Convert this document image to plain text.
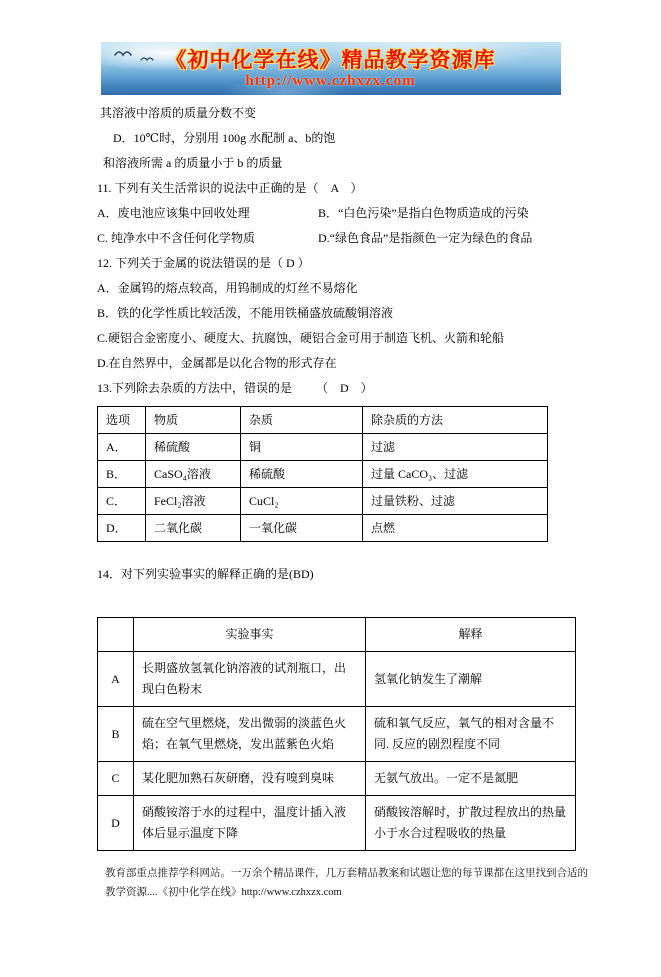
《初中化学在线》精品教学资源库
http://www.czhxzx.com

其溶液中溶质的质量分数不变

D．10℃时，分别用 100g 水配制 a、b的饱

和溶液所需 a 的质量小于 b 的质量

11. 下列有关生活常识的说法中正确的是（　A　）

A．废电池应该集中回收处理	B．“白色污染”是指白色物质造成的污染
C. 纯净水中不含任何化学物质	D.“绿色食品”是指颜色一定为绿色的食品

12. 下列关于金属的说法错误的是（ D ）

A．金属钨的熔点较高，用钨制成的灯丝不易熔化

B．铁的化学性质比较活泼，不能用铁桶盛放硫酸铜溶液

C.硬铝合金密度小、硬度大、抗腐蚀，硬铝合金可用于制造飞机、火箭和轮船

D.在自然界中，金属都是以化合物的形式存在

13.下列除去杂质的方法中，错误的是 （　D　）

选项	物质	杂质	除杂质的方法
A．	稀硫酸	铜	过滤
B．	CaSO₄溶液	稀硫酸	过量 CaCO₃、过滤
C．	FeCl₂溶液	CuCl₂	过量铁粉、过滤
D．	二氧化碳	一氧化碳	点燃

14．对下列实验事实的解释正确的是(BD)

	实验事实	解释
A	长期盛放氢氧化钠溶液的试剂瓶口，出现白色粉末	氢氧化钠发生了潮解
B	硫在空气里燃烧，发出微弱的淡蓝色火焰；在氧气里燃烧，发出蓝紫色火焰	硫和氧气反应，氧气的相对含量不同. 反应的剧烈程度不同
C	某化肥加熟石灰研磨，没有嗅到臭味	无氨气放出。一定不是氮肥
D	硝酸铵溶于水的过程中，温度计插入液体后显示温度下降	硝酸铵溶解时，扩散过程放出的热量小于水合过程吸收的热量

教育部重点推荐学科网站。一万余个精品课件，几万套精品教案和试题让您的每节课都在这里找到合适的

教学资源....《初中化学在线》http://www.czhxzx.com
